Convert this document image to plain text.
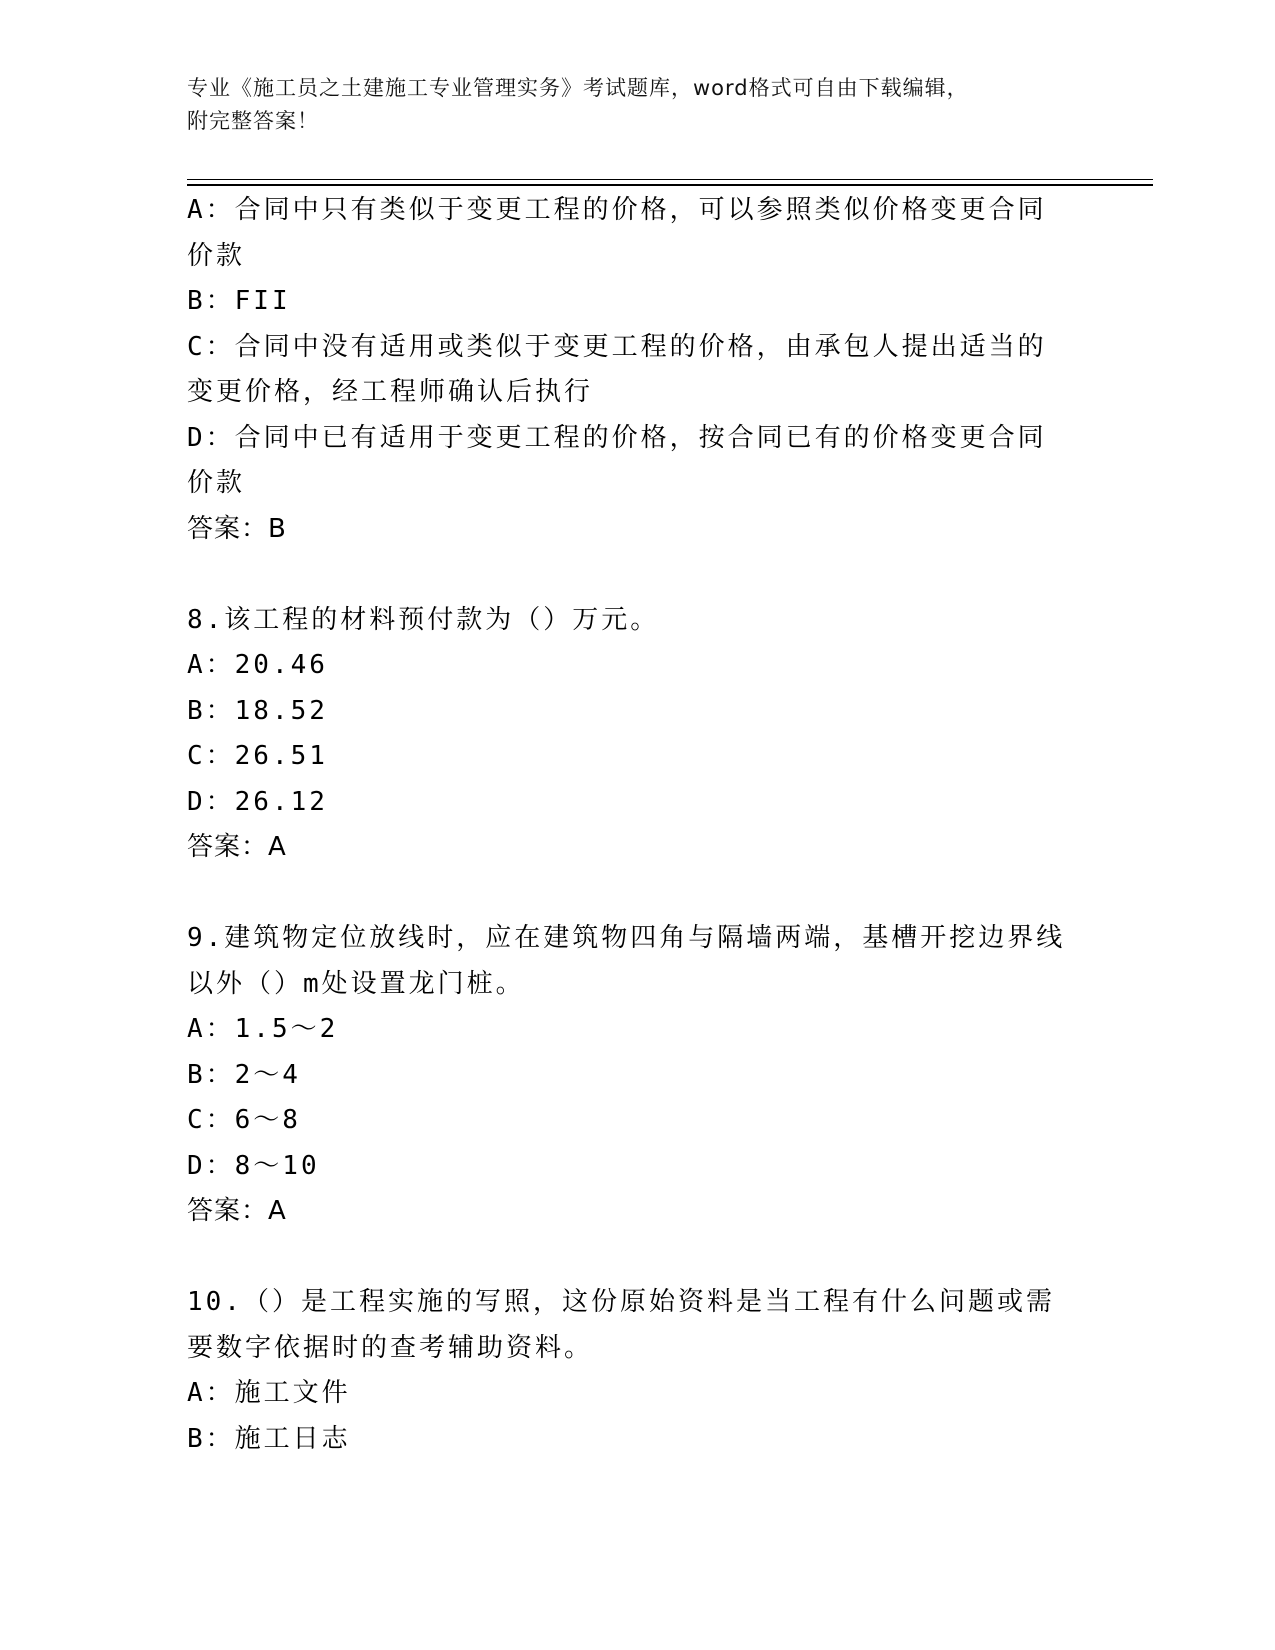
专业《施工员之土建施工专业管理实务》考试题库，word格式可自由下载编辑，
附完整答案！
A：合同中只有类似于变更工程的价格，可以参照类似价格变更合同价款
B：FII
C：合同中没有适用或类似于变更工程的价格，由承包人提出适当的变更价格，经工程师确认后执行
D：合同中已有适用于变更工程的价格，按合同已有的价格变更合同价款
答案：B
8.该工程的材料预付款为（）万元。
A：20.46
B：18.52
C：26.51
D：26.12
答案：A
9.建筑物定位放线时，应在建筑物四角与隔墙两端，基槽开挖边界线以外（）m处设置龙门桩。
A：1.5～2
B：2～4
C：6～8
D：8～10
答案：A
10.（）是工程实施的写照，这份原始资料是当工程有什么问题或需要数字依据时的查考辅助资料。
A：施工文件
B：施工日志
